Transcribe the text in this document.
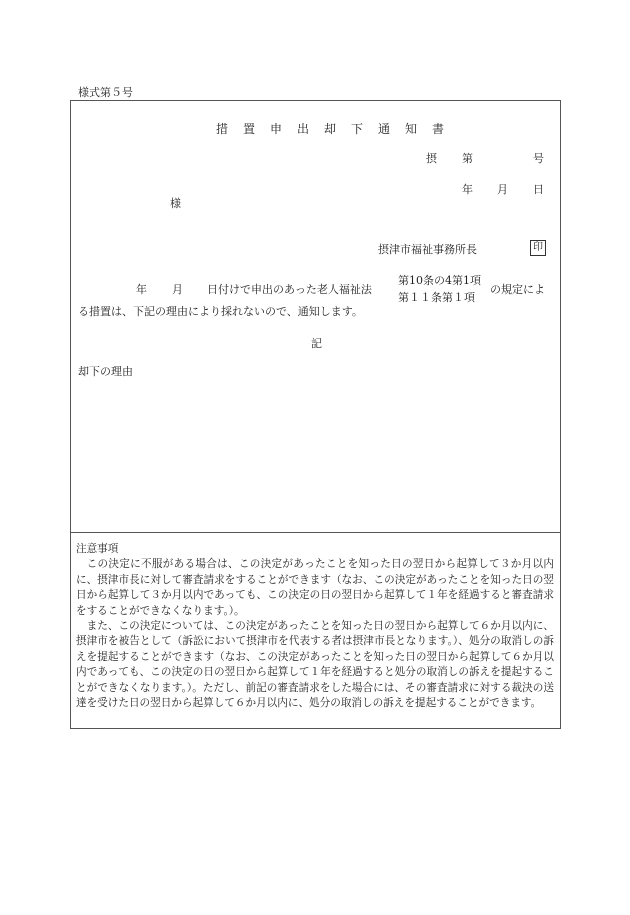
様式第５号
措置申出却下通知書
摂 第	号
年 月 日
様
摂津市福祉事務所長	印
年 月 日付けで申出のあった老人福祉法
第10条の4第1項
第１１条第１項
の規定によ
る措置は、下記の理由により採れないので、通知します。
記
却下の理由

注意事項

この決定に不服がある場合は、この決定があったことを知った日の翌日から起算して３か月以内に、摂津市長に対して審査請求をすることができます（なお、この決定があったことを知った日の翌日から起算して３か月以内であっても、この決定の日の翌日から起算して１年を経過すると審査請求をすることができなくなります。）。

また、この決定については、この決定があったことを知った日の翌日から起算して６か月以内に、摂津市を被告として（訴訟において摂津市を代表する者は摂津市長となります。）、処分の取消しの訴えを提起することができます（なお、この決定があったことを知った日の翌日から起算して６か月以内であっても、この決定の日の翌日から起算して１年を経過すると処分の取消しの訴えを提起することができなくなります。）。ただし、前記の審査請求をした場合には、その審査請求に対する裁決の送達を受けた日の翌日から起算して６か月以内に、処分の取消しの訴えを提起することができます。
